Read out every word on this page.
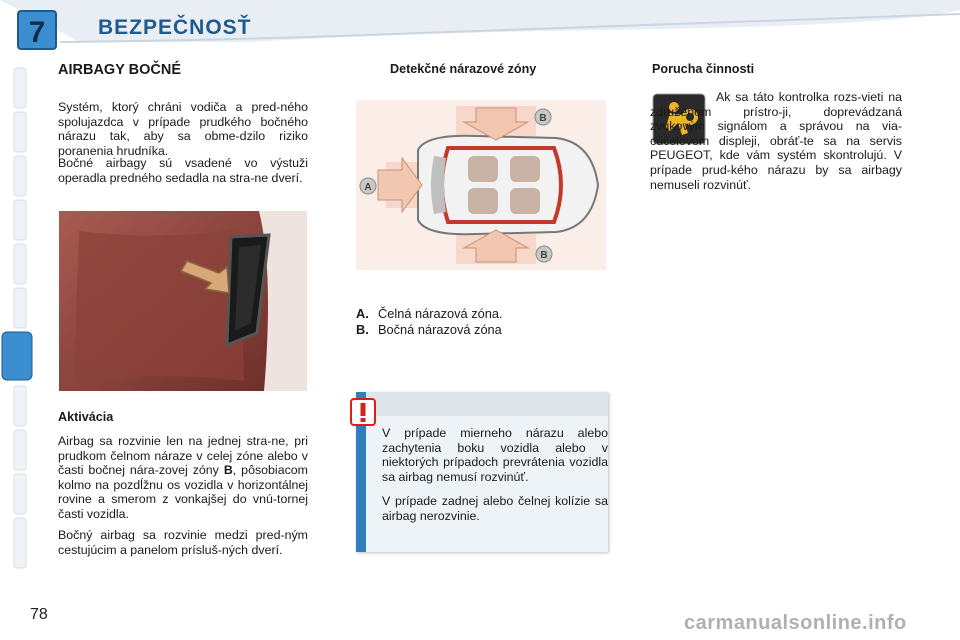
7	BEZPEČNOSŤ
AIRBAGY BOČNÉ

Systém, ktorý chráni vodiča a pred-ného spolujazdca v prípade prudkého bočného nárazu tak, aby sa obme-dzilo riziko poranenia hrudníka.

Bočné airbagy sú vsadené vo výstuži operadla predného sedadla na stra-ne dverí.

Aktivácia

Airbag sa rozvinie len na jednej stra-ne, pri prudkom čelnom náraze v celej zóne alebo v časti bočnej nára-zovej zóny B, pôsobiacom kolmo na pozdĺžnu os vozidla v horizontálnej rovine a smerom z vonkajšej do vnú-tornej časti vozidla.

Bočný airbag sa rozvinie medzi pred-ným cestujúcim a panelom prísluš-ných dverí.

Detekčné nárazové zóny
B
B
A
A. Čelná nárazová zóna.
B. Bočná nárazová zóna

V prípade mierneho nárazu alebo zachytenia boku vozidla alebo v niektorých prípadoch prevrátenia vozidla sa airbag nemusí rozvinúť.

V prípade zadnej alebo čelnej kolízie sa airbag nerozvinie.

Porucha činnosti

Ak sa táto kontrolka rozs-vieti na združenom prístro-ji, doprevádzaná zvukovým signálom a správou na via-cúčelovom displeji, obráť-te sa na servis PEUGEOT, kde vám systém skontrolujú. V prípade prud-kého nárazu by sa airbagy nemuseli rozvinúť.

78	carmanualsonline.info
